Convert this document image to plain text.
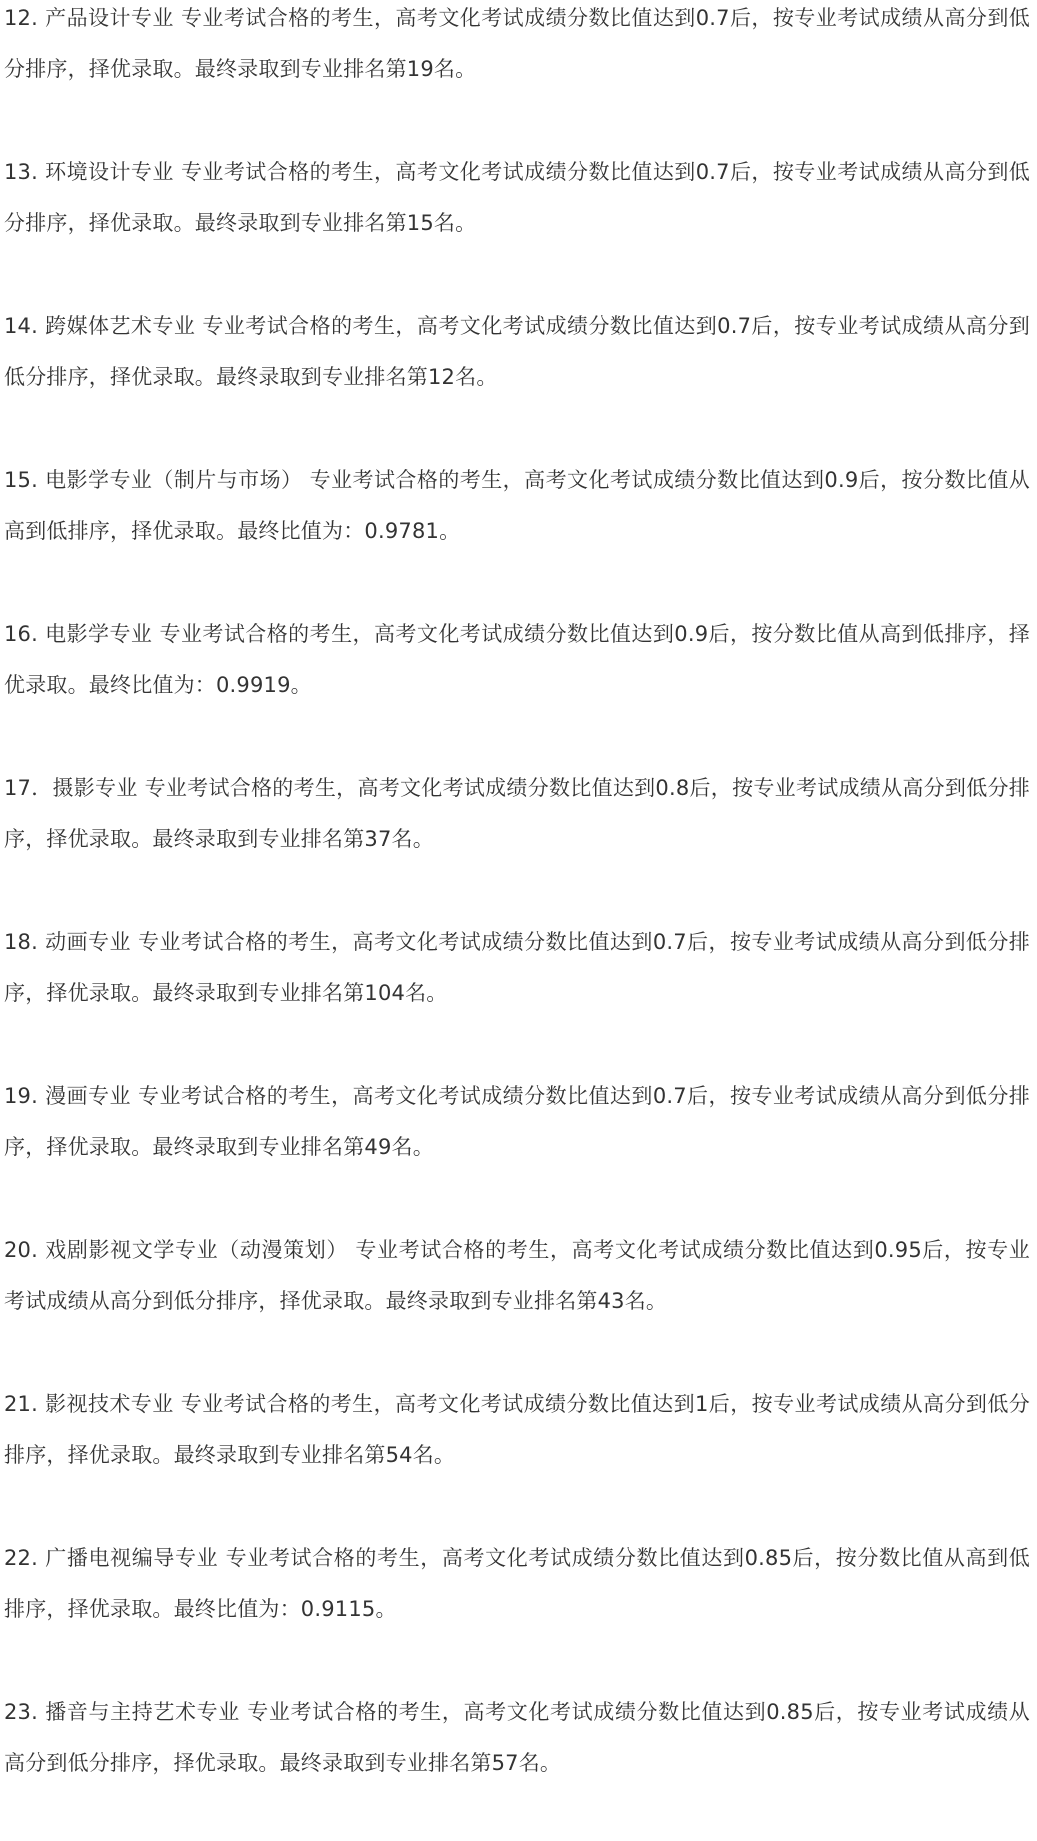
12. 产品设计专业 专业考试合格的考生，高考文化考试成绩分数比值达到0.7后，按专业考试成绩从高分到低分排序，择优录取。最终录取到专业排名第19名。

13. 环境设计专业 专业考试合格的考生，高考文化考试成绩分数比值达到0.7后，按专业考试成绩从高分到低分排序，择优录取。最终录取到专业排名第15名。

14. 跨媒体艺术专业 专业考试合格的考生，高考文化考试成绩分数比值达到0.7后，按专业考试成绩从高分到低分排序，择优录取。最终录取到专业排名第12名。

15. 电影学专业（制片与市场） 专业考试合格的考生，高考文化考试成绩分数比值达到0.9后，按分数比值从高到低排序，择优录取。最终比值为：0.9781。

16. 电影学专业 专业考试合格的考生，高考文化考试成绩分数比值达到0.9后，按分数比值从高到低排序，择优录取。最终比值为：0.9919。

17．摄影专业 专业考试合格的考生，高考文化考试成绩分数比值达到0.8后，按专业考试成绩从高分到低分排序，择优录取。最终录取到专业排名第37名。

18. 动画专业 专业考试合格的考生，高考文化考试成绩分数比值达到0.7后，按专业考试成绩从高分到低分排序，择优录取。最终录取到专业排名第104名。

19. 漫画专业 专业考试合格的考生，高考文化考试成绩分数比值达到0.7后，按专业考试成绩从高分到低分排序，择优录取。最终录取到专业排名第49名。

20. 戏剧影视文学专业（动漫策划） 专业考试合格的考生，高考文化考试成绩分数比值达到0.95后，按专业考试成绩从高分到低分排序，择优录取。最终录取到专业排名第43名。

21. 影视技术专业 专业考试合格的考生，高考文化考试成绩分数比值达到1后，按专业考试成绩从高分到低分排序，择优录取。最终录取到专业排名第54名。

22. 广播电视编导专业 专业考试合格的考生，高考文化考试成绩分数比值达到0.85后，按分数比值从高到低排序，择优录取。最终比值为：0.9115。

23. 播音与主持艺术专业 专业考试合格的考生，高考文化考试成绩分数比值达到0.85后，按专业考试成绩从高分到低分排序，择优录取。最终录取到专业排名第57名。
